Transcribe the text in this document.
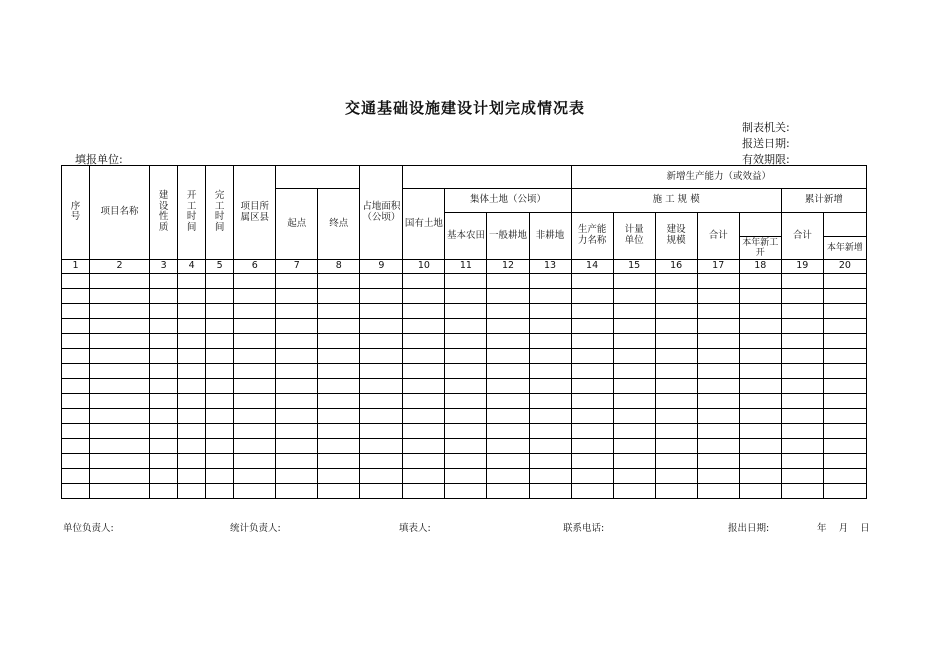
交通基础设施建设计划完成情况表
制表机关:
报送日期:
有效期限:
填报单位:
序 号	项目名称	建设性质	开工时间	完工时间	项目所属区县			占地面积（公顷）					新增生产能力（或效益）						
						起点	终点		国有土地	集体土地（公顷）			施 工 规 模					累计新增	
										基本农田	一般耕地	非耕地	生产能力名称	计量单位	建设规模	合计		合计	
																	本年新工开		本年新增
1	2	3	4	5	6	7	8	9	10	11	12	13	14	15	16	17	18	19	20

单位负责人:	统计负责人:	填表人:	联系电话:	报出日期:	年    月    日
